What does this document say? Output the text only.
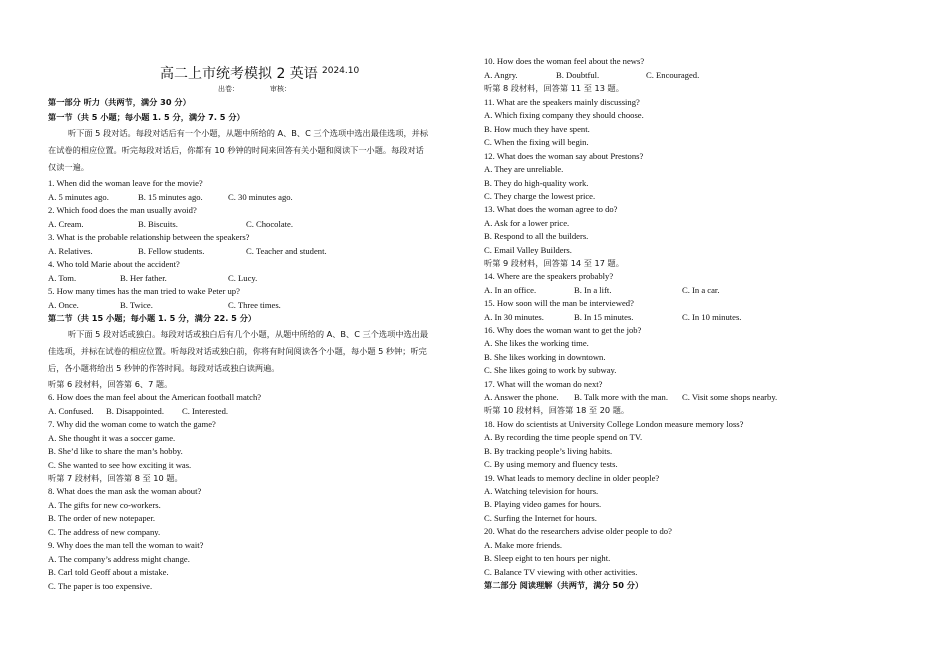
高二上市统考模拟 2 英语 2024.10
出卷：	审核：
第一部分 听力（共两节，满分 30 分）
第一节（共 5 小题；每小题 1. 5 分，满分 7. 5 分）
听下面 5 段对话。每段对话后有一个小题，从题中所给的 A、B、C 三个选项中选出最佳选项，并标
在试卷的相应位置。听完每段对话后，你都有 10 秒钟的时间来回答有关小题和阅读下一小题。每段对话
仅读一遍。
1. When did the woman leave for the movie?
A. 5 minutes ago.	B. 15 minutes ago.	C. 30 minutes ago.
2. Which food does the man usually avoid?
A. Cream.	B. Biscuits.	C. Chocolate.
3. What is the probable relationship between the speakers?
A. Relatives.	B. Fellow students.	C. Teacher and student.
4. Who told Marie about the accident?
A. Tom.	B. Her father.	C. Lucy.
5. How many times has the man tried to wake Peter up?
A. Once.	B. Twice.	C. Three times.
第二节（共 15 小题；每小题 1. 5 分，满分 22. 5 分）
听下面 5 段对话或独白。每段对话或独白后有几个小题，从题中所给的 A、B、C 三个选项中选出最
佳选项，并标在试卷的相应位置。听每段对话或独白前，你将有时间阅读各个小题，每小题 5 秒钟；听完
后，各小题将给出 5 秒钟的作答时间。每段对话或独白读两遍。
听第 6 段材料，回答第 6、7 题。
6. How does the man feel about the American football match?
A. Confused. B. Disappointed. C. Interested.
7. Why did the woman come to watch the game?
A. She thought it was a soccer game.
B. She’d like to share the man’s hobby.
C. She wanted to see how exciting it was.
听第 7 段材料，回答第 8 至 10 题。
8. What does the man ask the woman about?
A. The gifts for new co-workers.
B. The order of new notepaper.
C. The address of new company.
9. Why does the man tell the woman to wait?
A. The company’s address might change.
B. Carl told Geoff about a mistake.
C. The paper is too expensive.
10. How does the woman feel about the news?
A. Angry.	B. Doubtful.	C. Encouraged.
听第 8 段材料，回答第 11 至 13 题。
11. What are the speakers mainly discussing?
A. Which fixing company they should choose.
B. How much they have spent.
C. When the fixing will begin.
12. What does the woman say about Prestons?
A. They are unreliable.
B. They do high-quality work.
C. They charge the lowest price.
13. What does the woman agree to do?
A. Ask for a lower price.
B. Respond to all the builders.
C. Email Valley Builders.
听第 9 段材料，回答第 14 至 17 题。
14. Where are the speakers probably?
A. In an office.	B. In a lift.	C. In a car.
15. How soon will the man be interviewed?
A. In 30 minutes.	B. In 15 minutes.	C. In 10 minutes.
16. Why does the woman want to get the job?
A. She likes the working time.
B. She likes working in downtown.
C. She likes going to work by subway.
17. What will the woman do next?
A. Answer the phone. B. Talk more with the man. C. Visit some shops nearby.
听第 10 段材料，回答第 18 至 20 题。
18. How do scientists at University College London measure memory loss?
A. By recording the time people spend on TV.
B. By tracking people’s living habits.
C. By using memory and fluency tests.
19. What leads to memory decline in older people?
A. Watching television for hours.
B. Playing video games for hours.
C. Surfing the Internet for hours.
20. What do the researchers advise older people to do?
A. Make more friends.
B. Sleep eight to ten hours per night.
C. Balance TV viewing with other activities.
第二部分 阅读理解（共两节，满分 50 分）
